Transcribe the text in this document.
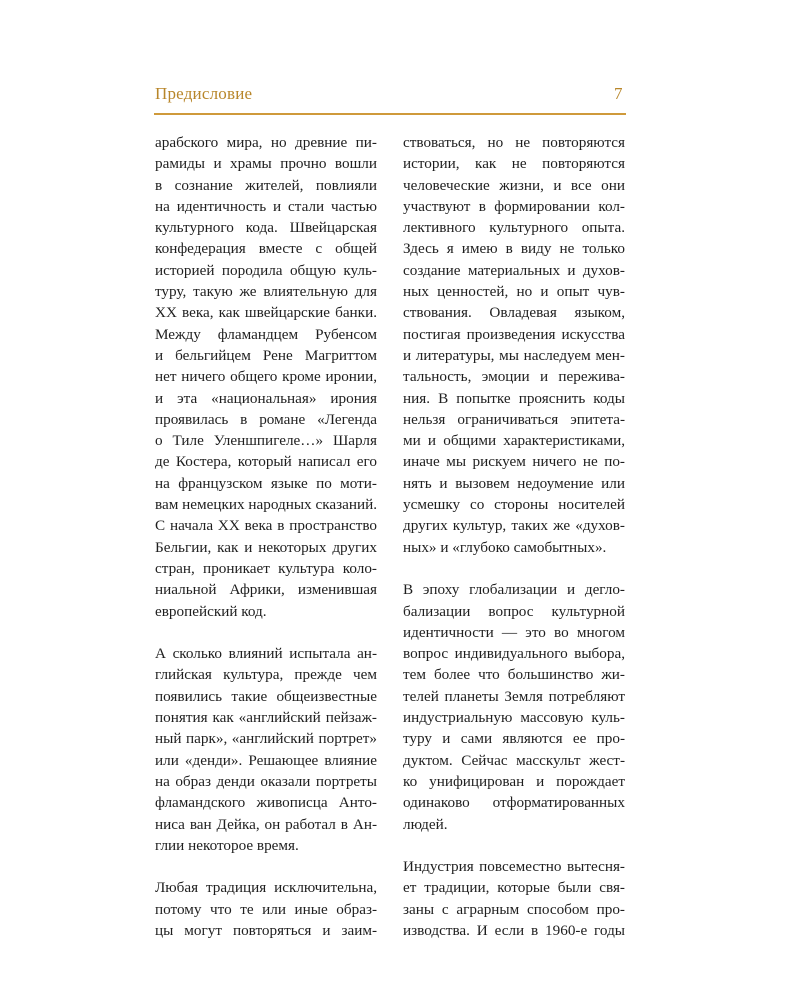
Предисловие	7
арабского мира, но древние пи-
рамиды и храмы прочно вошли
в сознание жителей, повлияли
на идентичность и стали частью
культурного кода. Швейцарская
конфедерация вместе с общей
историей породила общую куль-
туру, такую же влиятельную для
XX века, как швейцарские банки.
Между фламандцем Рубенсом
и бельгийцем Рене Магриттом
нет ничего общего кроме иронии,
и эта «национальная» ирония
проявилась в романе «Легенда
о Тиле Уленшпигеле…» Шарля
де Костера, который написал его
на французском языке по моти-
вам немецких народных сказаний.
С начала XX века в пространство
Бельгии, как и некоторых других
стран, проникает культура коло-
ниальной Африки, изменившая
европейский код.
А сколько влияний испытала ан-
глийская культура, прежде чем
появились такие общеизвестные
понятия как «английский пейзаж-
ный парк», «английский портрет»
или «денди». Решающее влияние
на образ денди оказали портреты
фламандского живописца Анто-
ниса ван Дейка, он работал в Ан-
глии некоторое время.
Любая традиция исключительна,
потому что те или иные образ-
цы могут повторяться и заим-
ствоваться, но не повторяются
истории, как не повторяются
человеческие жизни, и все они
участвуют в формировании кол-
лективного культурного опыта.
Здесь я имею в виду не только
создание материальных и духов-
ных ценностей, но и опыт чув-
ствования. Овладевая языком,
постигая произведения искусства
и литературы, мы наследуем мен-
тальность, эмоции и пережива-
ния. В попытке прояснить коды
нельзя ограничиваться эпитета-
ми и общими характеристиками,
иначе мы рискуем ничего не по-
нять и вызовем недоумение или
усмешку со стороны носителей
других культур, таких же «духов-
ных» и «глубоко самобытных».
В эпоху глобализации и дегло-
бализации вопрос культурной
идентичности — это во многом
вопрос индивидуального выбора,
тем более что большинство жи-
телей планеты Земля потребляют
индустриальную массовую куль-
туру и сами являются ее про-
дуктом. Сейчас масскульт жест-
ко унифицирован и порождает
одинаково отформатированных
людей.
Индустрия повсеместно вытесня-
ет традиции, которые были свя-
заны с аграрным способом про-
изводства. И если в 1960-е годы
